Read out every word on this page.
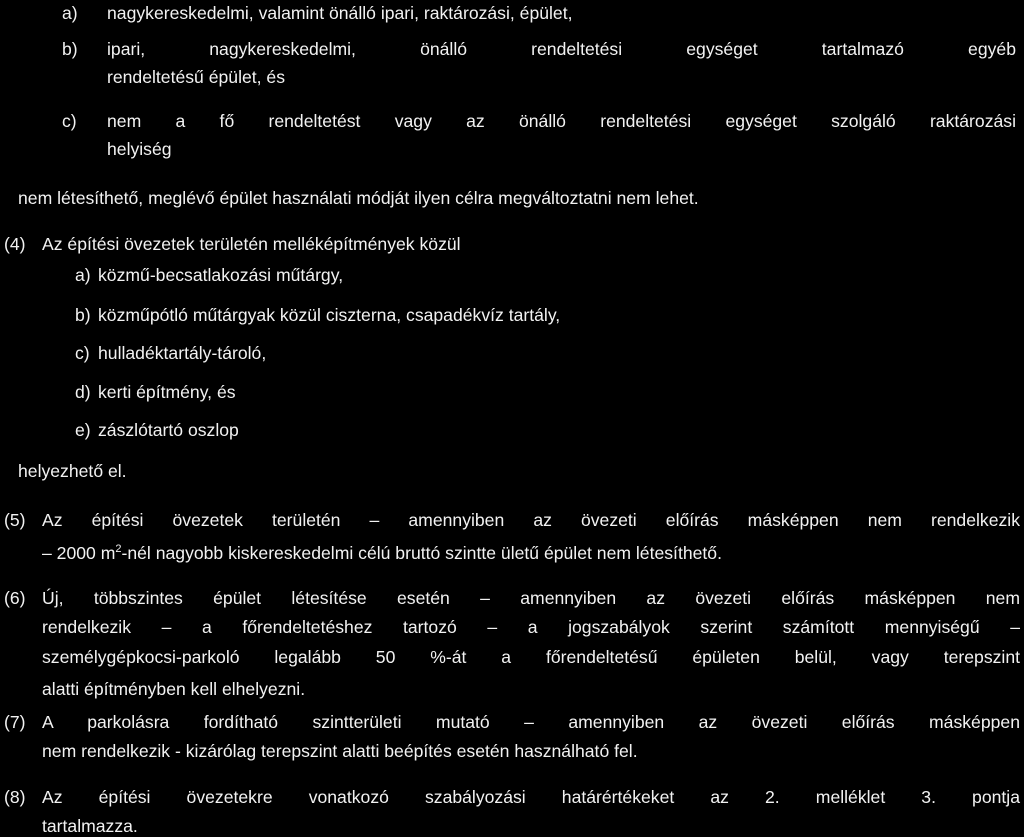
a) nagykereskedelmi, valamint önálló ipari, raktározási, épület,
b) ipari, nagykereskedelmi, önálló rendeltetési egységet tartalmazó egyéb
rendeltetésű épület, és
c) nem a fő rendeltetést vagy az önálló rendeltetési egységet szolgáló raktározási
helyiség

nem létesíthető, meglévő épület használati módját ilyen célra megváltoztatni nem lehet.

(4) Az építési övezetek területén melléképítmények közül
a) közmű-becsatlakozási műtárgy,
b) közműpótló műtárgyak közül ciszterna, csapadékvíz tartály,
c) hulladéktartály-tároló,
d) kerti építmény, és
e) zászlótartó oszlop
helyezhető el.
(5) Az építési övezetek területén – amennyiben az övezeti előírás másképpen nem rendelkezik
– 2000 $m^2$-nél nagyobb kiskereskedelmi célú bruttó szintte ületű épület nem létesíthető.
(6) Új, többszintes épület létesítése esetén – amennyiben az övezeti előírás másképpen nem
rendelkezik – a főrendeltetéshez tartozó – a jogszabályok szerint számított mennyiségű –
személygépkocsi-parkoló legalább 50 %-át a főrendeltetésű épületen belül, vagy terepszint
alatti építményben kell elhelyezni.
(7) A parkolásra fordítható szintterületi mutató – amennyiben az övezeti előírás másképpen
nem rendelkezik - kizárólag terepszint alatti beépítés esetén használható fel.
(8) Az építési övezetekre vonatkozó szabályozási határértékeket az 2. melléklet 3. pontja
tartalmazza.
